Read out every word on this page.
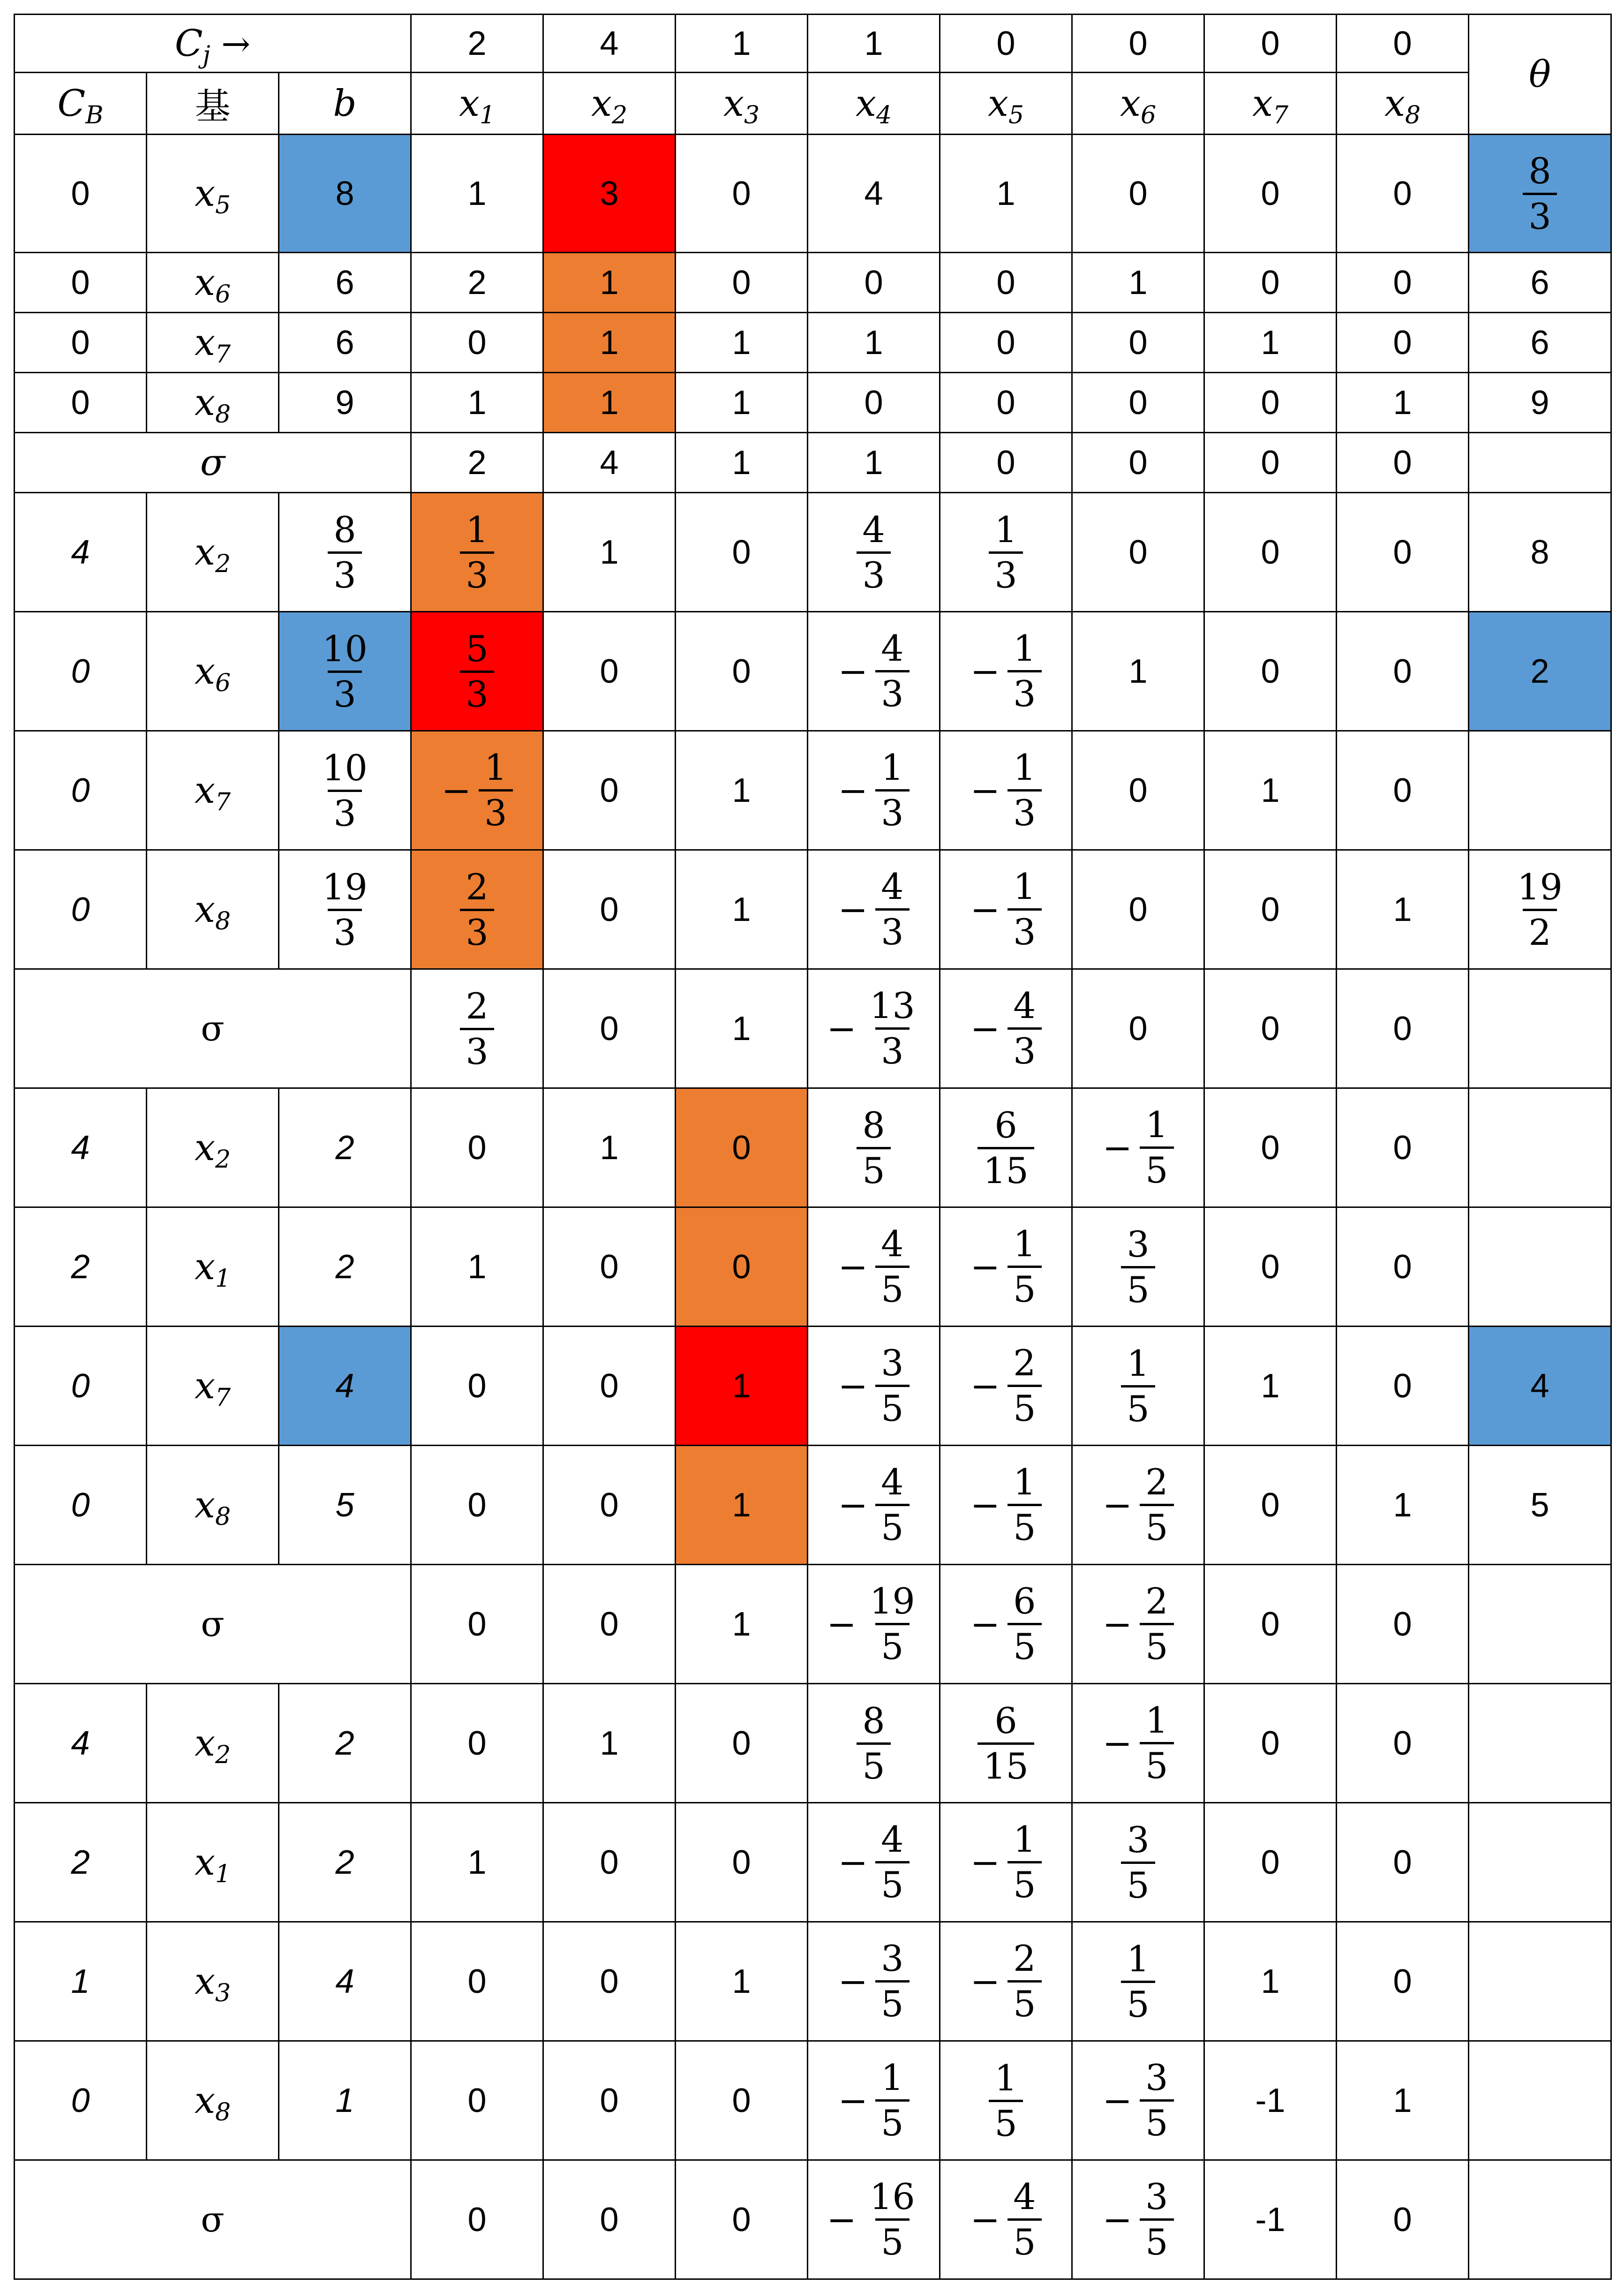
$C_j$ →			2	4	1	1	0	0	0	0	θ
$C_B$	基	b	$x_1$	$x_2$	$x_3$	$x_4$	$x_5$	$x_6$	$x_7$	$x_8$
0	$x_5$	8	1	3	0	4	1	0	0	0	$\frac{8}{3}$

0	$x_6$	6	2	1	0	0	0	1	0	0	6
0	$x_7$	6	0	1	1	1	0	0	1	0	6
0	$x_8$	9	1	1	1	0	0	0	0	1	9
σ			2	4	1	1	0	0	0	0	
4	$x_2$	$\frac{8}{3}$	$\frac{1}{3}$	1	0	$\frac{4}{3}$	$\frac{1}{3}$	0	0	0	8
0	$x_6$	$\frac{10}{3}$	$\frac{5}{3}$	0	0	− $\frac{4}{3}$	− $\frac{1}{3}$	1	0	0	2
0	$x_7$	$\frac{10}{3}$	− $\frac{1}{3}$	0	1	− $\frac{1}{3}$	− $\frac{1}{3}$	0	1	0	
0	$x_8$	$\frac{19}{3}$	$\frac{2}{3}$	0	1	− $\frac{4}{3}$	− $\frac{1}{3}$	0	0	1	$\frac{19}{2}$

σ			$\frac{2}{3}$	0	1	− $\frac{13}{3}$	− $\frac{4}{3}$	0	0	0	
4	$x_2$	2	0	1	0	$\frac{8}{5}$	$\frac{6}{15}$	− $\frac{1}{5}$	0	0	
2	$x_1$	2	1	0	0	− $\frac{4}{5}$	− $\frac{1}{5}$	$\frac{3}{5}$	0	0	
0	$x_7$	4	0	0	1	− $\frac{3}{5}$	− $\frac{2}{5}$	$\frac{1}{5}$	1	0	4
0	$x_8$	5	0	0	1	− $\frac{4}{5}$	− $\frac{1}{5}$	− $\frac{2}{5}$	0	1	5
σ			0	0	1	− $\frac{19}{5}$	− $\frac{6}{5}$	− $\frac{2}{5}$	0	0	
4	$x_2$	2	0	1	0	$\frac{8}{5}$	$\frac{6}{15}$	− $\frac{1}{5}$	0	0	
2	$x_1$	2	1	0	0	− $\frac{4}{5}$	− $\frac{1}{5}$	$\frac{3}{5}$	0	0	
1	$x_3$	4	0	0	1	− $\frac{3}{5}$	− $\frac{2}{5}$	$\frac{1}{5}$	1	0	
0	$x_8$	1	0	0	0	− $\frac{1}{5}$	$\frac{1}{5}$	− $\frac{3}{5}$	-1	1	
σ			0	0	0	− $\frac{16}{5}$	− $\frac{4}{5}$	− $\frac{3}{5}$	-1	0	
